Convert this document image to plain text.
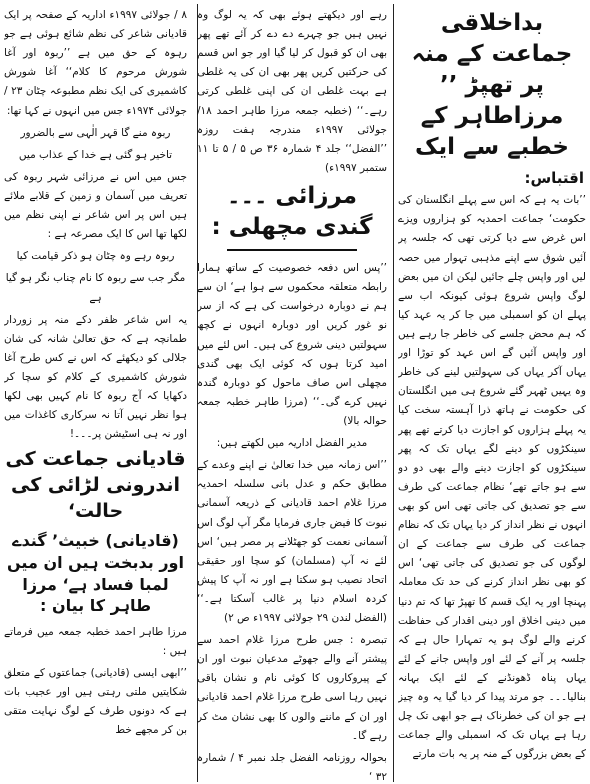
بداخلاقی جماعت کے منہ پر تھپڑ ’’ مرزاطاہر کے خطبے سے ایک
اقتباس:

’’بات یہ ہے کہ اس سے پہلے انگلستان کی حکومت‘ جماعت احمدیہ کو ہزاروں ویزے اس غرض سے دیا کرتی تھی کہ جلسہ پر آئیں شوق سے اپنے مذہبی تہوار میں حصہ لیں اور واپس چلے جائیں لیکن ان میں بعض لوگ واپس شروع ہوئی کیونکہ اب سے پہلے ان کو اسمبلی میں جا کر یہ عہد کیا کہ ہم محض جلسے کی خاطر جا رہے ہیں اور واپس آئیں گے اس عہد کو توڑا اور یہاں آکر یہاں کی سہولتیں لینے کی خاطر وہ یہیں ٹھہر گئے شروع ہی میں انگلستان کی حکومت نے ہاتھ ذرا آہستہ سخت کیا یہ پہلے ہزاروں کو اجازت دیا کرتے تھے پھر سینکڑوں کو دینے لگے یہاں تک کہ پھر سینکڑوں کو اجازت دینے والے بھی دو دو سے ہو جاتے تھے‘ نظام جماعت کی طرف سے جو تصدیق کی جاتی تھی اس کو بھی انہوں نے نظر انداز کر دیا یہاں تک کہ نظام جماعت کی طرف سے جماعت کے ان لوگوں کی جو تصدیق کی جاتی تھی‘ اس کو بھی نظر انداز کرنے کی حد تک معاملہ پہنچا اور یہ ایک قسم کا تھپڑ تھا کہ تم دنیا میں دینی اخلاق اور دینی اقدار کی حفاظت کرنے والے لوگ ہو یہ تمہارا حال ہے کہ جلسہ پر آنے کے لئے اور واپس جانے کے لئے یہاں پناہ ڈھونڈنے کے لئے ایک بہانہ بنالیا۔۔۔ جو مرتد پیدا کر دیا گیا یہ وہ چیز ہے جو ان کی خطرناک ہے جو ابھی تک چل رہا ہے یہاں تک کہ اسمبلی والے جماعت کے بعض بزرگوں کے منہ پر یہ بات مارتے

رہے اور دیکھتے ہوئے بھی کہ یہ لوگ وہ نہیں ہیں جو چہرے دے دے کر آئے تھے پھر بھی ان کو قبول کر لیا گیا اور جو اس قسم کی حرکتیں کریں پھر بھی ان کی یہ غلطی ہے بہت غلطی ان کی اپنی غلطی کرتی رہے۔‘‘ (خطبہ جمعہ مرزا طاہر احمد ۱۸/جولائی ۱۹۹۷ء مندرجہ ہفت روزہ ’’الفضل‘‘ جلد ۴ شمارہ ۳۶ ص ۵ / ۵ تا ۱۱ ستمبر ۱۹۹۷ء)

مرزائی ۔۔۔ گندی مچھلی :

’’پس اس دفعہ خصوصیت کے ساتھ ہمارا رابطہ متعلقہ محکموں سے ہوا ہے‘ ان سے ہم نے دوبارہ درخواست کی ہے کہ از سر نو غور کریں اور دوبارہ انہوں نے کچھ سہولتیں دینی شروع کی ہیں۔ اس لئے میں امید کرتا ہوں کہ کوئی ایک بھی گندی مچھلی اس صاف ماحول کو دوبارہ گندہ نہیں کرے گی۔‘‘ (مرزا طاہر خطبہ جمعہ حوالہ بالا)

مدیر الفضل اداریہ میں لکھتے ہیں:

’’اس زمانہ میں خدا تعالیٰ نے اپنے وعدے کے مطابق حکم و عدل بانی سلسلہ احمدیہ مرزا غلام احمد قادیانی کے ذریعہ آسمانی نبوت کا فیض جاری فرمایا مگر آپ لوگ اس آسمانی نعمت کو جھٹلانے پر مصر ہیں‘ اس لئے نہ آپ (مسلمان) کو سچا اور حقیقی اتحاد نصیب ہو سکتا ہے اور نہ آپ کا پیش کردہ اسلام دنیا پر غالب آسکتا ہے۔‘‘ (الفضل لندن ۲۹ جولائی ۱۹۹۷ء ص ۲)

تبصرہ : جس طرح مرزا غلام احمد سے پیشتر آنے والے جھوٹے مدعیان نبوت اور ان کے پیروکاروں کا کوئی نام و نشان باقی نہیں رہا اسی طرح مرزا غلام احمد قادیانی اور ان کے ماننے والوں کا بھی نشان مٹ کر رہے گا۔

بحوالہ روزنامہ الفضل جلد نمبر ۴ / شمارہ ۳۲ ‘

۸ / جولائی ۱۹۹۷ء اداریہ کے صفحہ پر ایک قادیانی شاعر کی نظم شائع ہوئی ہے جو رہوہ کے حق میں ہے ’’ربوہ اور آغا شورش مرحوم کا کلام‘‘ آغا شورش کاشمیری کی ایک نظم مطبوعہ چٹان ۲۳ / جولائی ۱۹۷۴ء جس میں انہوں نے کہا تھا:

ربوہ منے گا قہر الٰہی سے بالضرور

تاخیر ہو گئی ہے خدا کے عذاب میں

جس میں اس نے مرزائی شہر ربوہ کی تعریف میں آسمان و زمین کے قلابے ملائے ہیں اس پر اس شاعر نے اپنی نظم میں لکھا تھا اس کا ایک مصرعہ ہے :

ربوہ رہے وہ چٹان ہو ذکر قیامت کیا

مگر جب سے ربوہ کا نام چناب نگر ہو گیا ہے

یہ اس شاعر ظفر دکے منہ پر زوردار طمانچہ ہے کہ حق تعالیٰ شانہ کی شان جلالی کو دیکھئے کہ اس نے کس طرح آغا شورش کاشمیری کے کلام کو سچا کر دکھایا کہ آج ربوہ کا نام کہیں بھی لکھا ہوا نظر نہیں آتا نہ سرکاری کاغذات میں اور نہ ہی اسٹیشن پر۔۔۔!

قادیانی جماعت کی اندرونی لڑائی کی حالت‘
(قادیانی) خبیث’ گندے اور بدبخت ہیں ان میں لمبا فساد ہے‘ مرزا طاہر کا بیان :

مرزا طاہر احمد خطبہ جمعہ میں فرماتے ہیں :

’’ابھی ایسی (قادیانی) جماعتوں کے متعلق شکایتیں ملتی رہتی ہیں اور عجیب بات ہے کہ دونوں طرف کے لوگ نہایت متقی بن کر مجھے خط
